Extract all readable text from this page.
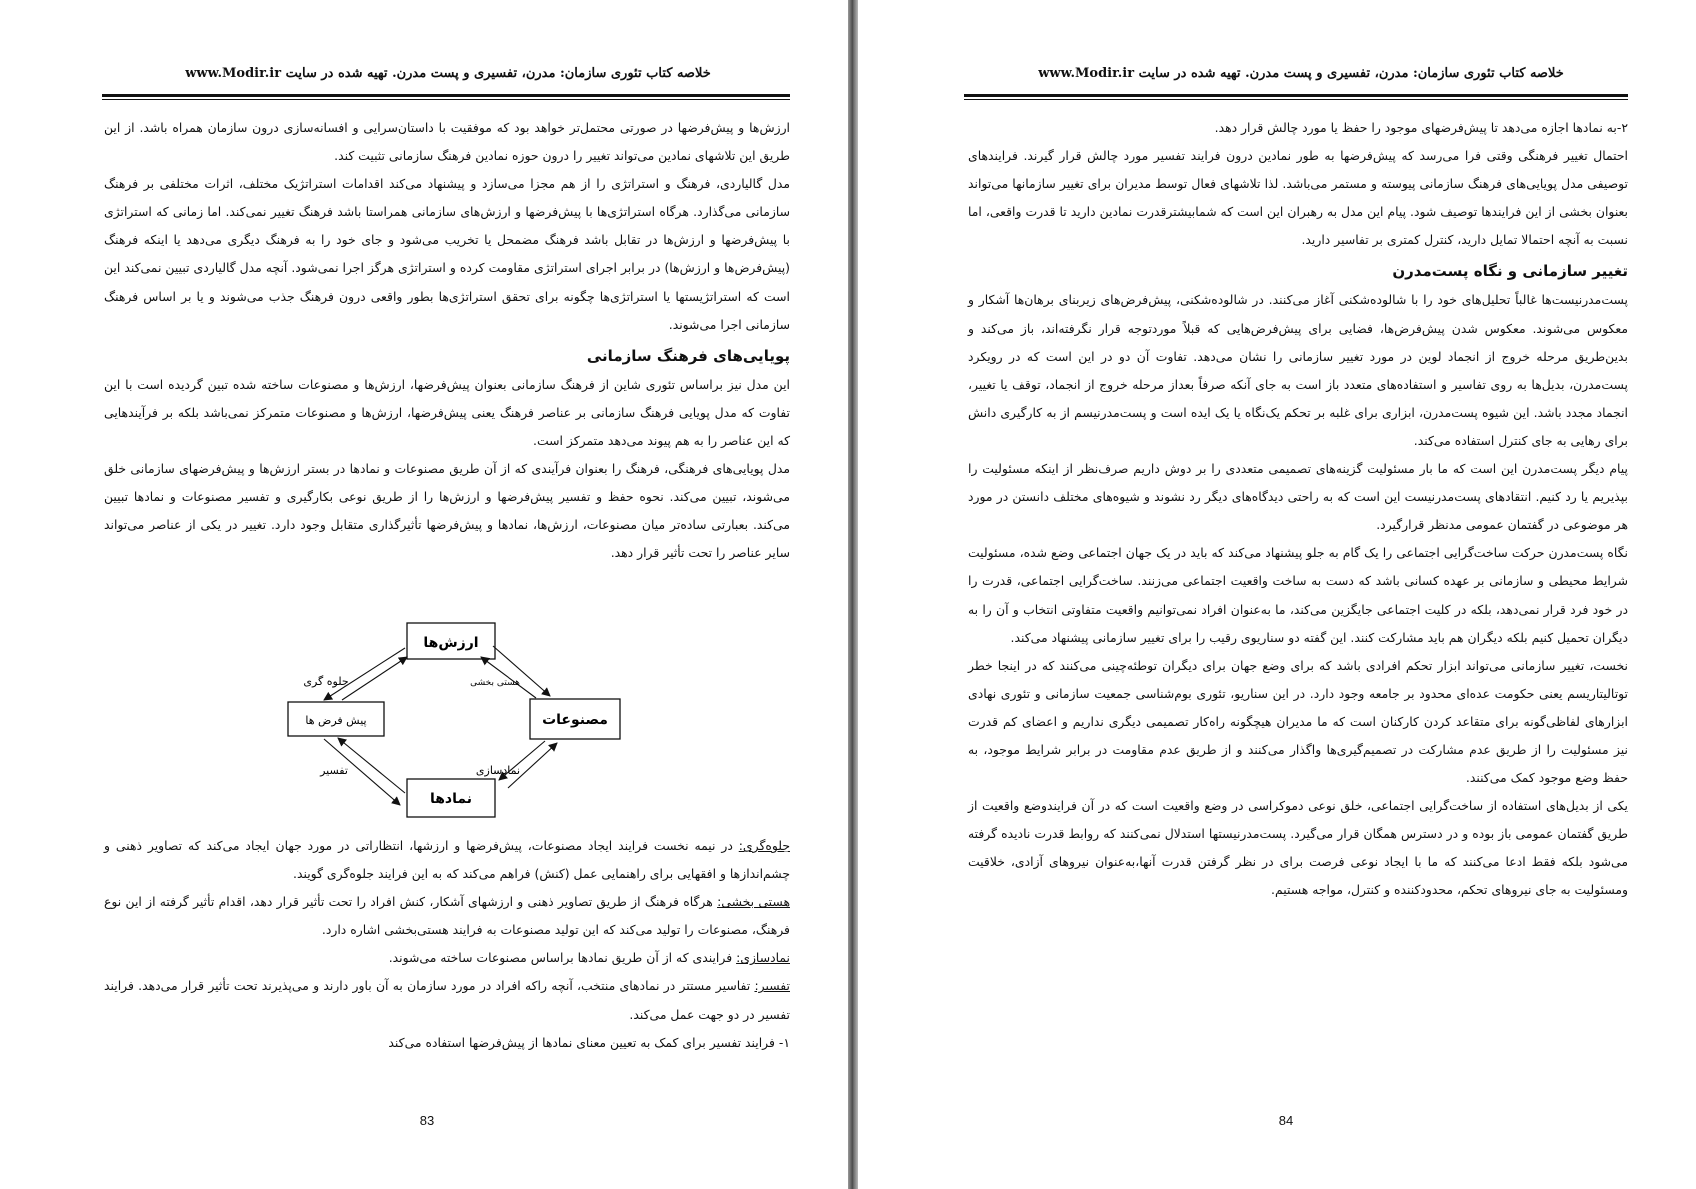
خلاصه کتاب تئوری سازمان: مدرن، تفسیری و پست مدرن. تهیه شده در سایت www.Modir.ir

ارزش‌ها و پیش‌فرضها در صورتی محتمل‌تر خواهد بود که موفقیت با داستان‌سرایی و افسانه‌سازی درون سازمان همراه باشد. از این طریق این تلاشهای نمادین می‌تواند تغییر را درون حوزه نمادین فرهنگ سازمانی تثبیت کند.

مدل گالیاردی، فرهنگ و استراتژی را از هم مجزا می‌سازد و پیشنهاد می‌کند اقدامات استراتژیک مختلف، اثرات مختلفی بر فرهنگ سازمانی می‌گذارد. هرگاه استراتژی‌ها با پیش‌فرضها و ارزش‌های سازمانی همراستا باشد فرهنگ تغییر نمی‌کند. اما زمانی که استراتژی با پیش‌فرضها و ارزش‌ها در تقابل باشد فرهنگ مضمحل یا تخریب می‌شود و جای خود را به فرهنگ دیگری می‌دهد یا اینکه فرهنگ (پیش‌فرض‌ها و ارزش‌ها) در برابر اجرای استراتژی مقاومت کرده و استراتژی هرگز اجرا نمی‌شود. آنچه مدل گالیاردی تبیین نمی‌کند این است که استراتژیستها یا استراتژی‌ها چگونه برای تحقق استراتژی‌ها بطور واقعی درون فرهنگ جذب می‌شوند و یا بر اساس فرهنگ سازمانی اجرا می‌شوند.

پویایی‌های فرهنگ سازمانی

این مدل نیز براساس تئوری شاین از فرهنگ سازمانی بعنوان پیش‌فرضها، ارزش‌ها و مصنوعات ساخته شده تبین گردیده است با این تفاوت که مدل پویایی فرهنگ سازمانی بر عناصر فرهنگ یعنی پیش‌فرضها، ارزش‌ها و مصنوعات متمرکز نمی‌باشد بلکه بر فرآیندهایی که این عناصر را به هم پیوند می‌دهد متمرکز است.

مدل پویایی‌های فرهنگی، فرهنگ را بعنوان فرآیندی که از آن طریق مصنوعات و نمادها در بستر ارزش‌ها و پیش‌فرضهای سازمانی خلق می‌شوند، تبیین می‌کند. نحوه حفظ و تفسیر پیش‌فرضها و ارزش‌ها را از طریق نوعی بکارگیری و تفسیر مصنوعات و نمادها تبیین می‌کند. بعبارتی ساده‌تر میان مصنوعات، ارزش‌ها، نمادها و پیش‌فرضها تأثیرگذاری متقابل وجود دارد. تغییر در یکی از عناصر می‌تواند سایر عناصر را تحت تأثیر قرار دهد.

ارزش‌ها
پیش فرض ها	مصنوعات
نمادها
جلوه گری	هستی بخشی
نمادسازی
تفسیر

جلوه‌گری: در نیمه نخست فرایند ایجاد مصنوعات، پیش‌فرضها و ارزشها، انتظاراتی در مورد جهان ایجاد می‌کند که تصاویر ذهنی و چشم‌اندازها و افقهایی برای راهنمایی عمل (کنش) فراهم می‌کند که به این فرایند جلوه‌گری گویند.

هستی بخشی: هرگاه فرهنگ از طریق تصاویر ذهنی و ارزشهای آشکار، کنش افراد را تحت تأثیر قرار دهد، اقدام تأثیر گرفته از این نوع فرهنگ، مصنوعات را تولید می‌کند که این تولید مصنوعات به فرایند هستی‌بخشی اشاره دارد.

نمادسازی: فرایندی که از آن طریق نمادها براساس مصنوعات ساخته می‌شوند.

تفسیر: تفاسیر مستتر در نمادهای منتخب، آنچه راکه افراد در مورد سازمان به آن باور دارند و می‌پذیرند تحت تأثیر قرار می‌دهد. فرایند تفسیر در دو جهت عمل می‌کند.

۱- فرایند تفسیر برای کمک به تعیین معنای نمادها از پیش‌فرضها استفاده می‌کند

83
خلاصه کتاب تئوری سازمان: مدرن، تفسیری و پست مدرن. تهیه شده در سایت www.Modir.ir

۲-به نمادها اجازه می‌دهد تا پیش‌فرضهای موجود را حفظ یا مورد چالش قرار دهد.

احتمال تغییر فرهنگی وقتی فرا می‌رسد که پیش‌فرضها به طور نمادین درون فرایند تفسیر مورد چالش قرار گیرند. فرایندهای توصیفی مدل پویایی‌های فرهنگ سازمانی پیوسته و مستمر می‌باشد. لذا تلاشهای فعال توسط مدیران برای تغییر سازمانها می‌تواند بعنوان بخشی از این فرایندها توصیف شود. پیام این مدل به رهبران این است که شمابیشترقدرت نمادین دارید تا قدرت واقعی، اما نسبت به آنچه احتمالا تمایل دارید، کنترل کمتری بر تفاسیر دارید.

تغییر سازمانی و نگاه پست‌مدرن

پست‌مدرنیست‌ها غالباً تحلیل‌های خود را با شالوده‌شکنی آغاز می‌کنند. در شالوده‌شکنی، پیش‌فرض‌های زیربنای برهان‌ها آشکار و معکوس می‌شوند. معکوس شدن پیش‌فرض‌ها، فضایی برای پیش‌فرض‌هایی که قبلاً موردتوجه قرار نگرفته‌اند، باز می‌کند و بدین‌طریق مرحله خروج از انجماد لوین در مورد تغییر سازمانی را نشان می‌دهد. تفاوت آن دو در این است که در رویکرد پست‌مدرن، بدیل‌ها به روی تفاسیر و استفاده‌های متعدد باز است به جای آنکه صرفاً بعداز مرحله خروج از انجماد، توقف یا تغییر، انجماد مجدد باشد. این شیوه پست‌مدرن، ابزاری برای غلبه بر تحکم یک‌نگاه یا یک ایده است و پست‌مدرنیسم از به کارگیری دانش برای رهایی به جای کنترل استفاده می‌کند.

پیام دیگر پست‌مدرن این است که ما بار مسئولیت گزینه‌های تصمیمی متعددی را بر دوش داریم صرف‌نظر از اینکه مسئولیت را بپذیریم یا رد کنیم. انتقادهای پست‌مدرنیست این است که به راحتی دیدگاه‌های دیگر رد نشوند و شیوه‌های مختلف دانستن در مورد هر موضوعی در گفتمان عمومی مدنظر قرارگیرد.

نگاه پست‌مدرن حرکت ساخت‌گرایی اجتماعی را یک گام به جلو پیشنهاد می‌کند که باید در یک جهان اجتماعی وضع شده، مسئولیت شرایط محیطی و سازمانی بر عهده کسانی باشد که دست به ساخت واقعیت اجتماعی می‌زنند. ساخت‌گرایی اجتماعی، قدرت را در خود فرد قرار نمی‌دهد، بلکه در کلیت اجتماعی جایگزین می‌کند، ما به‌عنوان افراد نمی‌توانیم واقعیت متفاوتی انتخاب و آن را به دیگران تحمیل کنیم بلکه دیگران هم باید مشارکت کنند. این گفته دو سناریوی رقیب را برای تغییر سازمانی پیشنهاد می‌کند.

نخست، تغییر سازمانی می‌تواند ابزار تحکم افرادی باشد که برای وضع جهان برای دیگران توطئه‌چینی می‌کنند که در اینجا خطر توتالیتاریسم یعنی حکومت عده‌ای محدود بر جامعه وجود دارد. در این سناریو، تئوری بوم‌شناسی جمعیت سازمانی و تئوری نهادی ابزارهای لفاظی‌گونه برای متقاعد کردن کارکنان است که ما مدیران هیچگونه راه‌کار تصمیمی دیگری نداریم و اعضای کم قدرت نیز مسئولیت را از طریق عدم مشارکت در تصمیم‌گیری‌ها واگذار می‌کنند و از طریق عدم مقاومت در برابر شرایط موجود، به حفظ وضع موجود کمک می‌کنند.

یکی از بدیل‌های استفاده از ساخت‌گرایی اجتماعی، خلق نوعی دموکراسی در وضع واقعیت است که در آن فرایندوضع واقعیت از طریق گفتمان عمومی باز بوده و در دسترس همگان قرار می‌گیرد. پست‌مدرنیستها استدلال نمی‌کنند که روابط قدرت نادیده گرفته می‌شود بلکه فقط ادعا می‌کنند که ما با ایجاد نوعی فرصت برای در نظر گرفتن قدرت آنها،به‌عنوان نیروهای آزادی، خلاقیت ومسئولیت به جای نیروهای تحکم، محدودکننده و کنترل، مواجه هستیم.

84
